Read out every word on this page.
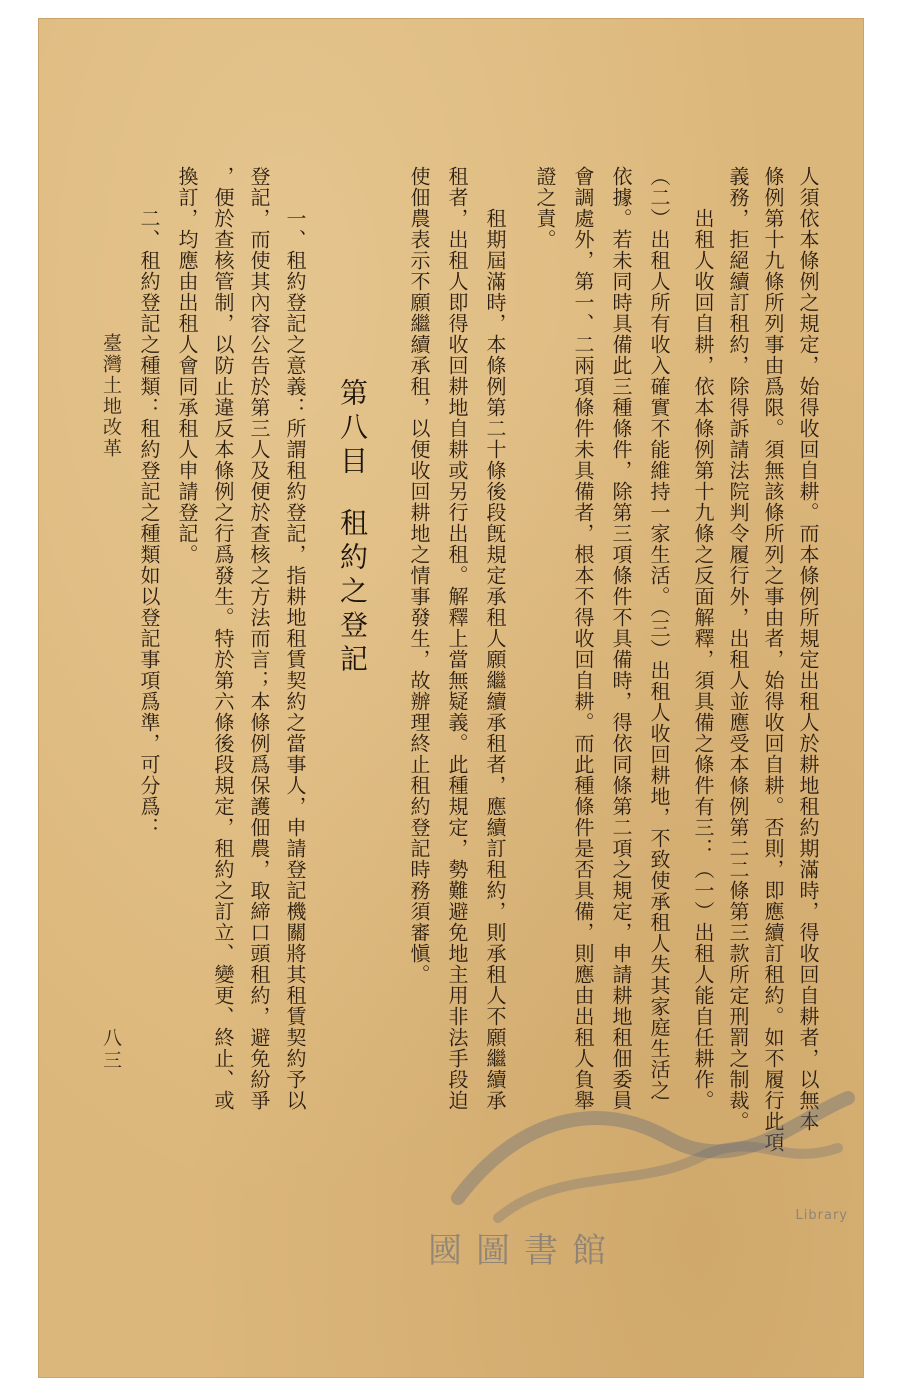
人須依本條例之規定，始得收回自耕。而本條例所規定出租人於耕地租約期滿時，得收回自耕者，以無本
條例第十九條所列事由爲限。須無該條所列之事由者，始得收回自耕。否則，即應續訂租約。如不履行此項
義務，拒絕續訂租約，除得訴請法院判令履行外，出租人並應受本條例第二二條第三款所定刑罰之制裁。
　　出租人收回自耕，依本條例第十九條之反面解釋，須具備之條件有三：（一）出租人能自任耕作。
（二）出租人所有收入確實不能維持一家生活。（三）出租人收回耕地，不致使承租人失其家庭生活之
依據。若未同時具備此三種條件，除第三項條件不具備時，得依同條第二項之規定，申請耕地租佃委員
會調處外，第一、二兩項條件未具備者，根本不得收回自耕。而此種條件是否具備，則應由出租人負舉
證之責。
　　租期屆滿時，本條例第二十條後段旣規定承租人願繼續承租者，應續訂租約，則承租人不願繼續承
租者，出租人即得收回耕地自耕或另行出租。解釋上當無疑義。此種規定，勢難避免地主用非法手段迫
使佃農表示不願繼續承租，以便收回耕地之情事發生，故辦理終止租約登記時務須審愼。
第八目租約之登記
　　一、租約登記之意義：所謂租約登記，指耕地租賃契約之當事人，申請登記機關將其租賃契約予以
登記，而使其內容公告於第三人及便於查核之方法而言；本條例爲保護佃農，取締口頭租約，避免紛爭
，便於查核管制，以防止違反本條例之行爲發生。特於第六條後段規定，租約之訂立、變更、終止、或
換訂，均應由出租人會同承租人申請登記。
　　二、租約登記之種類：租約登記之種類如以登記事項爲準，可分爲：
臺灣土地改革
八三
Library
國圖書館
